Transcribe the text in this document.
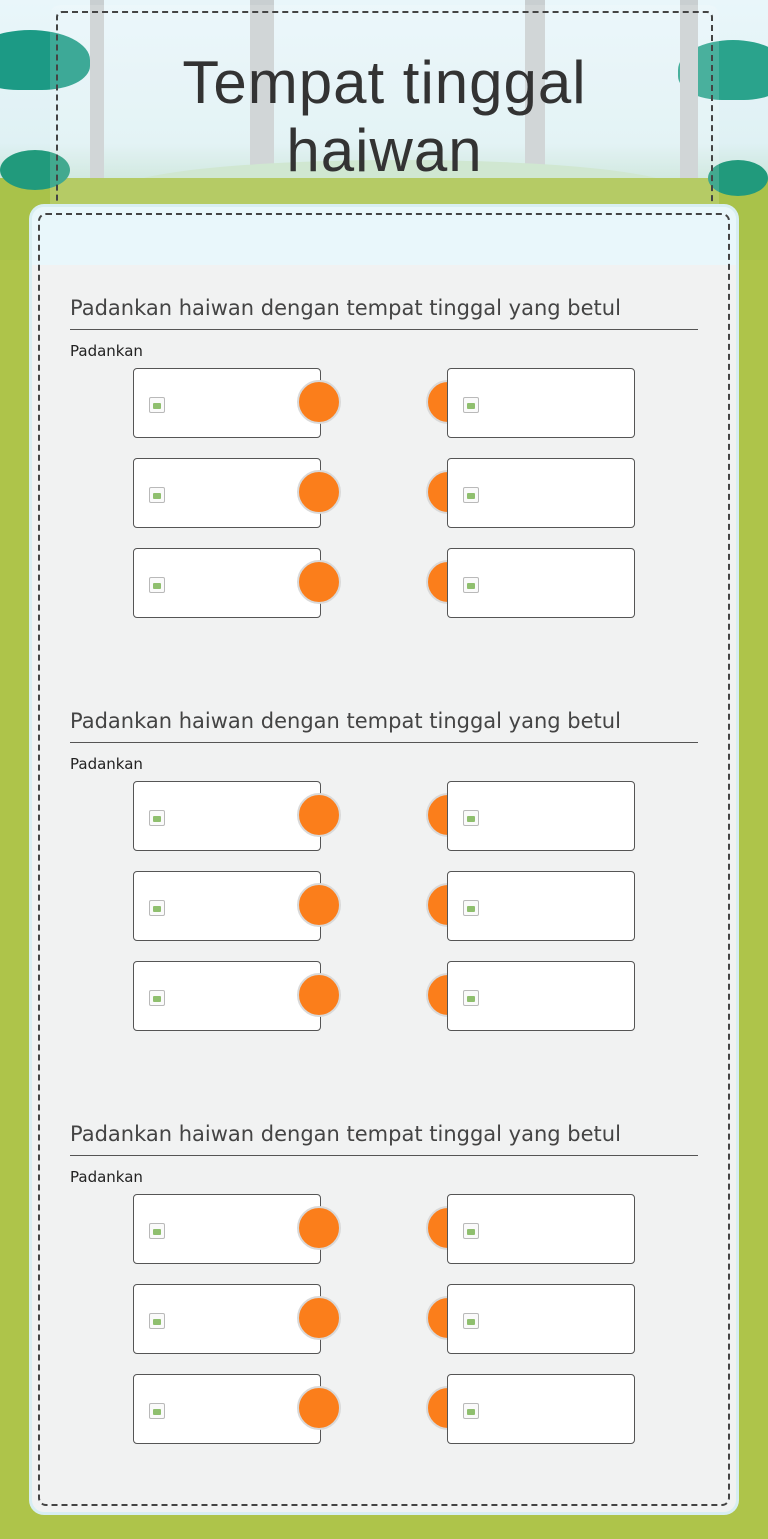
Tempat tinggal
haiwan
Padankan haiwan dengan tempat tinggal yang betul
Padankan
Padankan haiwan dengan tempat tinggal yang betul
Padankan
Padankan haiwan dengan tempat tinggal yang betul
Padankan
